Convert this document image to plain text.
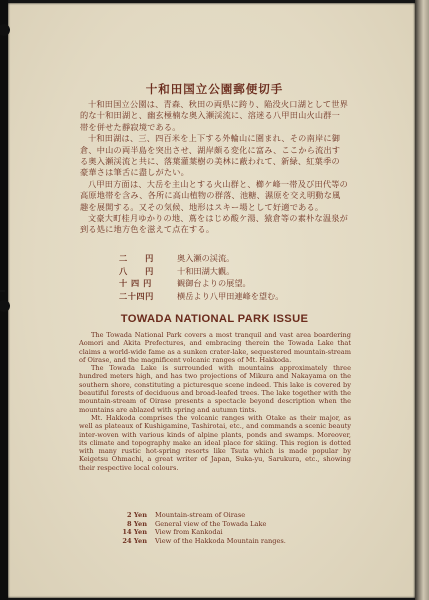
十和田国立公園郵便切手

十和田国立公園は、青森、秋田の両県に跨り、陥没火口湖として世界的な十和田湖と、幽玄極楠な奥入瀬渓流に、溶迷る八甲田山火山群一帯を併せた靜寂境である。

十和田湖は、三、四百米を上下する外輪山に圍まれ、その南岸に御倉、中山の両半島を突出させ、湖岸頗る変化に富み、ここから流出する奥入瀬渓流と共に、落葉灌葉樹の美林に蔽われて、新緑、紅葉季の豪華さは筆舌に盡しがたい。

八甲田方面は、大岳を主山とする火山群と、櫛ケ峰一帯及び田代等の高原地帯を含み、各所に高山植物の群落、池糖、濕原を交え明動な風趣を展開する。又その気候、地形はスキー場として好適である。

文豪大町桂月ゆかりの地、蔦をはじめ酸ケ湯、猿倉等の素朴な温泉が到る処に地方色を滋えて点在する。

二　　円	奥入瀬の渓流。
八　　円	十和田湖大觀。
十 四 円	観御台よりの展望。
二十四円	横岳より八甲田連峰を望む。
TOWADA NATIONAL PARK ISSUE

The Towada National Park covers a most tranquil and vast area boardering Aomori and Akita Prefectures, and embracing therein the Towada Lake that claims a world-wide fame as a sunken crater-lake, sequestered mountain-stream of Oirase, and the magnificent volcanic ranges of Mt. Hakkoda.

The Towada Lake is surrounded with mountains approximately three hundred meters high, and has two projections of Mikura and Nakayama on the southern shore, constituting a picturesque scene indeed. This lake is covered by beautiful forests of deciduous and broad-leafed trees. The lake together with the mountain-stream of Oirase presents a spectacle beyond description when the mountains are ablazed with spring and autumn tints.

Mt. Hakkoda comprises the volcanic ranges with Otake as their major, as well as plateaux of Kushigamine, Tashirotai, etc., and commands a scenic beauty inter-woven with various kinds of alpine plants, ponds and swamps. Moreover, its climate and topography make an ideal place for skiing. This region is dotted with many rustic hot-spring resorts like Tsuta which is made popular by Keigetsu Ohmachi, a great writer of Japan, Suka-yu, Sarukura, etc., showing their respective local colours.

2 Yen Mountain-stream of Oirase
8 Yen General view of the Towada Lake
14 Yen View from Kankodai
24 Yen View of the Hakkoda Mountain ranges.
